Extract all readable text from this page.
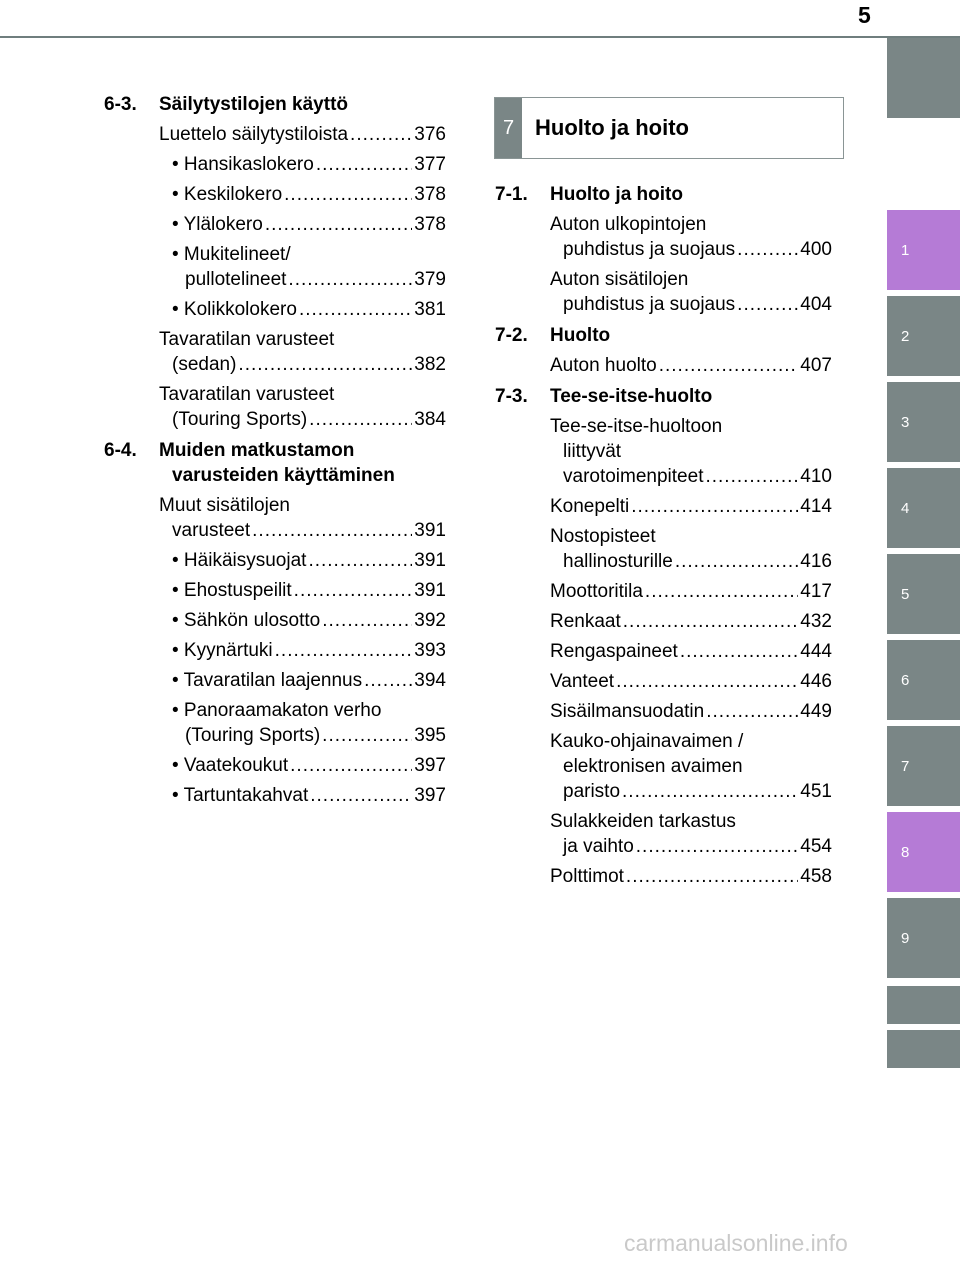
5
1
2
3
4
5
6
7
8
9
6-3. Säilytystilojen käyttö
Luettelo säilytystiloista .....	376
• Hansikaslokero .....	377
• Keskilokero .....	378
• Ylälokero .....	378
• Mukitelineet/
pullotelineet .....	379
• Kolikkolokero .....	381
Tavaratilan varusteet
(sedan) .....	382
Tavaratilan varusteet
(Touring Sports) .....	384
6-4. Muiden matkustamon
varusteiden käyttäminen
Muut sisätilojen
varusteet .....	391
• Häikäisysuojat .....	391
• Ehostuspeilit .....	391
• Sähkön ulosotto .....	392
• Kyynärtuki .....	393
• Tavaratilan laajennus .....	394
• Panoraamakaton verho
(Touring Sports) .....	395
• Vaatekoukut .....	397
• Tartuntakahvat .....	397
7 Huolto ja hoito
7-1. Huolto ja hoito
Auton ulkopintojen
puhdistus ja suojaus .....	400
Auton sisätilojen
puhdistus ja suojaus .....	404
7-2. Huolto
Auton huolto .....	407
7-3. Tee-se-itse-huolto
Tee-se-itse-huoltoon
liittyvät
varotoimenpiteet .....	410
Konepelti .....	414
Nostopisteet
hallinosturille .....	416
Moottoritila .....	417
Renkaat .....	432
Rengaspaineet .....	444
Vanteet .....	446
Sisäilmansuodatin .....	449
Kauko-ohjainavaimen /
elektronisen avaimen
paristo .....	451
Sulakkeiden tarkastus
ja vaihto .....	454
Polttimot .....	458
carmanualsonline.info
